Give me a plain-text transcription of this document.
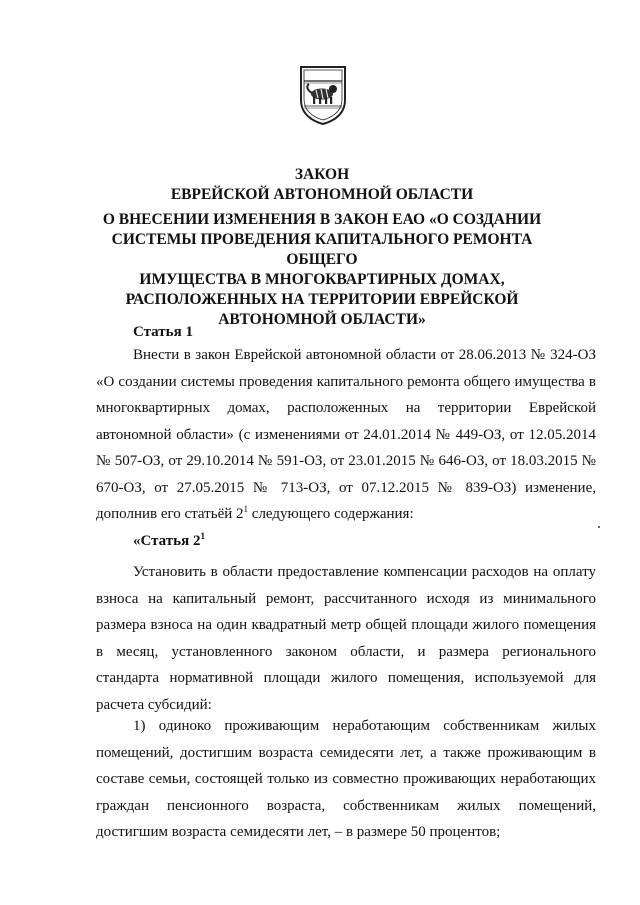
ЗАКОН
ЕВРЕЙСКОЙ АВТОНОМНОЙ ОБЛАСТИ
О ВНЕСЕНИИ ИЗМЕНЕНИЯ В ЗАКОН ЕАО «О СОЗДАНИИ
СИСТЕМЫ ПРОВЕДЕНИЯ КАПИТАЛЬНОГО РЕМОНТА ОБЩЕГО
ИМУЩЕСТВА В МНОГОКВАРТИРНЫХ ДОМАХ,
РАСПОЛОЖЕННЫХ НА ТЕРРИТОРИИ ЕВРЕЙСКОЙ
АВТОНОМНОЙ ОБЛАСТИ»
Статья 1
Внести в закон Еврейской автономной области от 28.06.2013 № 324-ОЗ «О создании системы проведения капитального ремонта общего имущества в многоквартирных домах, расположенных на территории Еврейской автономной области» (с изменениями от 24.01.2014 № 449-ОЗ, от 12.05.2014 № 507-ОЗ, от 29.10.2014 № 591-ОЗ, от 23.01.2015 № 646-ОЗ, от 18.03.2015 № 670-ОЗ, от 27.05.2015 № 713-ОЗ, от 07.12.2015 № 839-ОЗ) изменение, дополнив его статьёй $2^1$ следующего содержания:
«Статья $2^1$
Установить в области предоставление компенсации расходов на оплату взноса на капитальный ремонт, рассчитанного исходя из минимального размера взноса на один квадратный метр общей площади жилого помещения в месяц, установленного законом области, и размера регионального стандарта нормативной площади жилого помещения, используемой для расчета субсидий:
1) одиноко проживающим неработающим собственникам жилых помещений, достигшим возраста семидесяти лет, а также проживающим в составе семьи, состоящей только из совместно проживающих неработающих граждан пенсионного возраста, собственникам жилых помещений, достигшим возраста семидесяти лет, – в размере 50 процентов;
